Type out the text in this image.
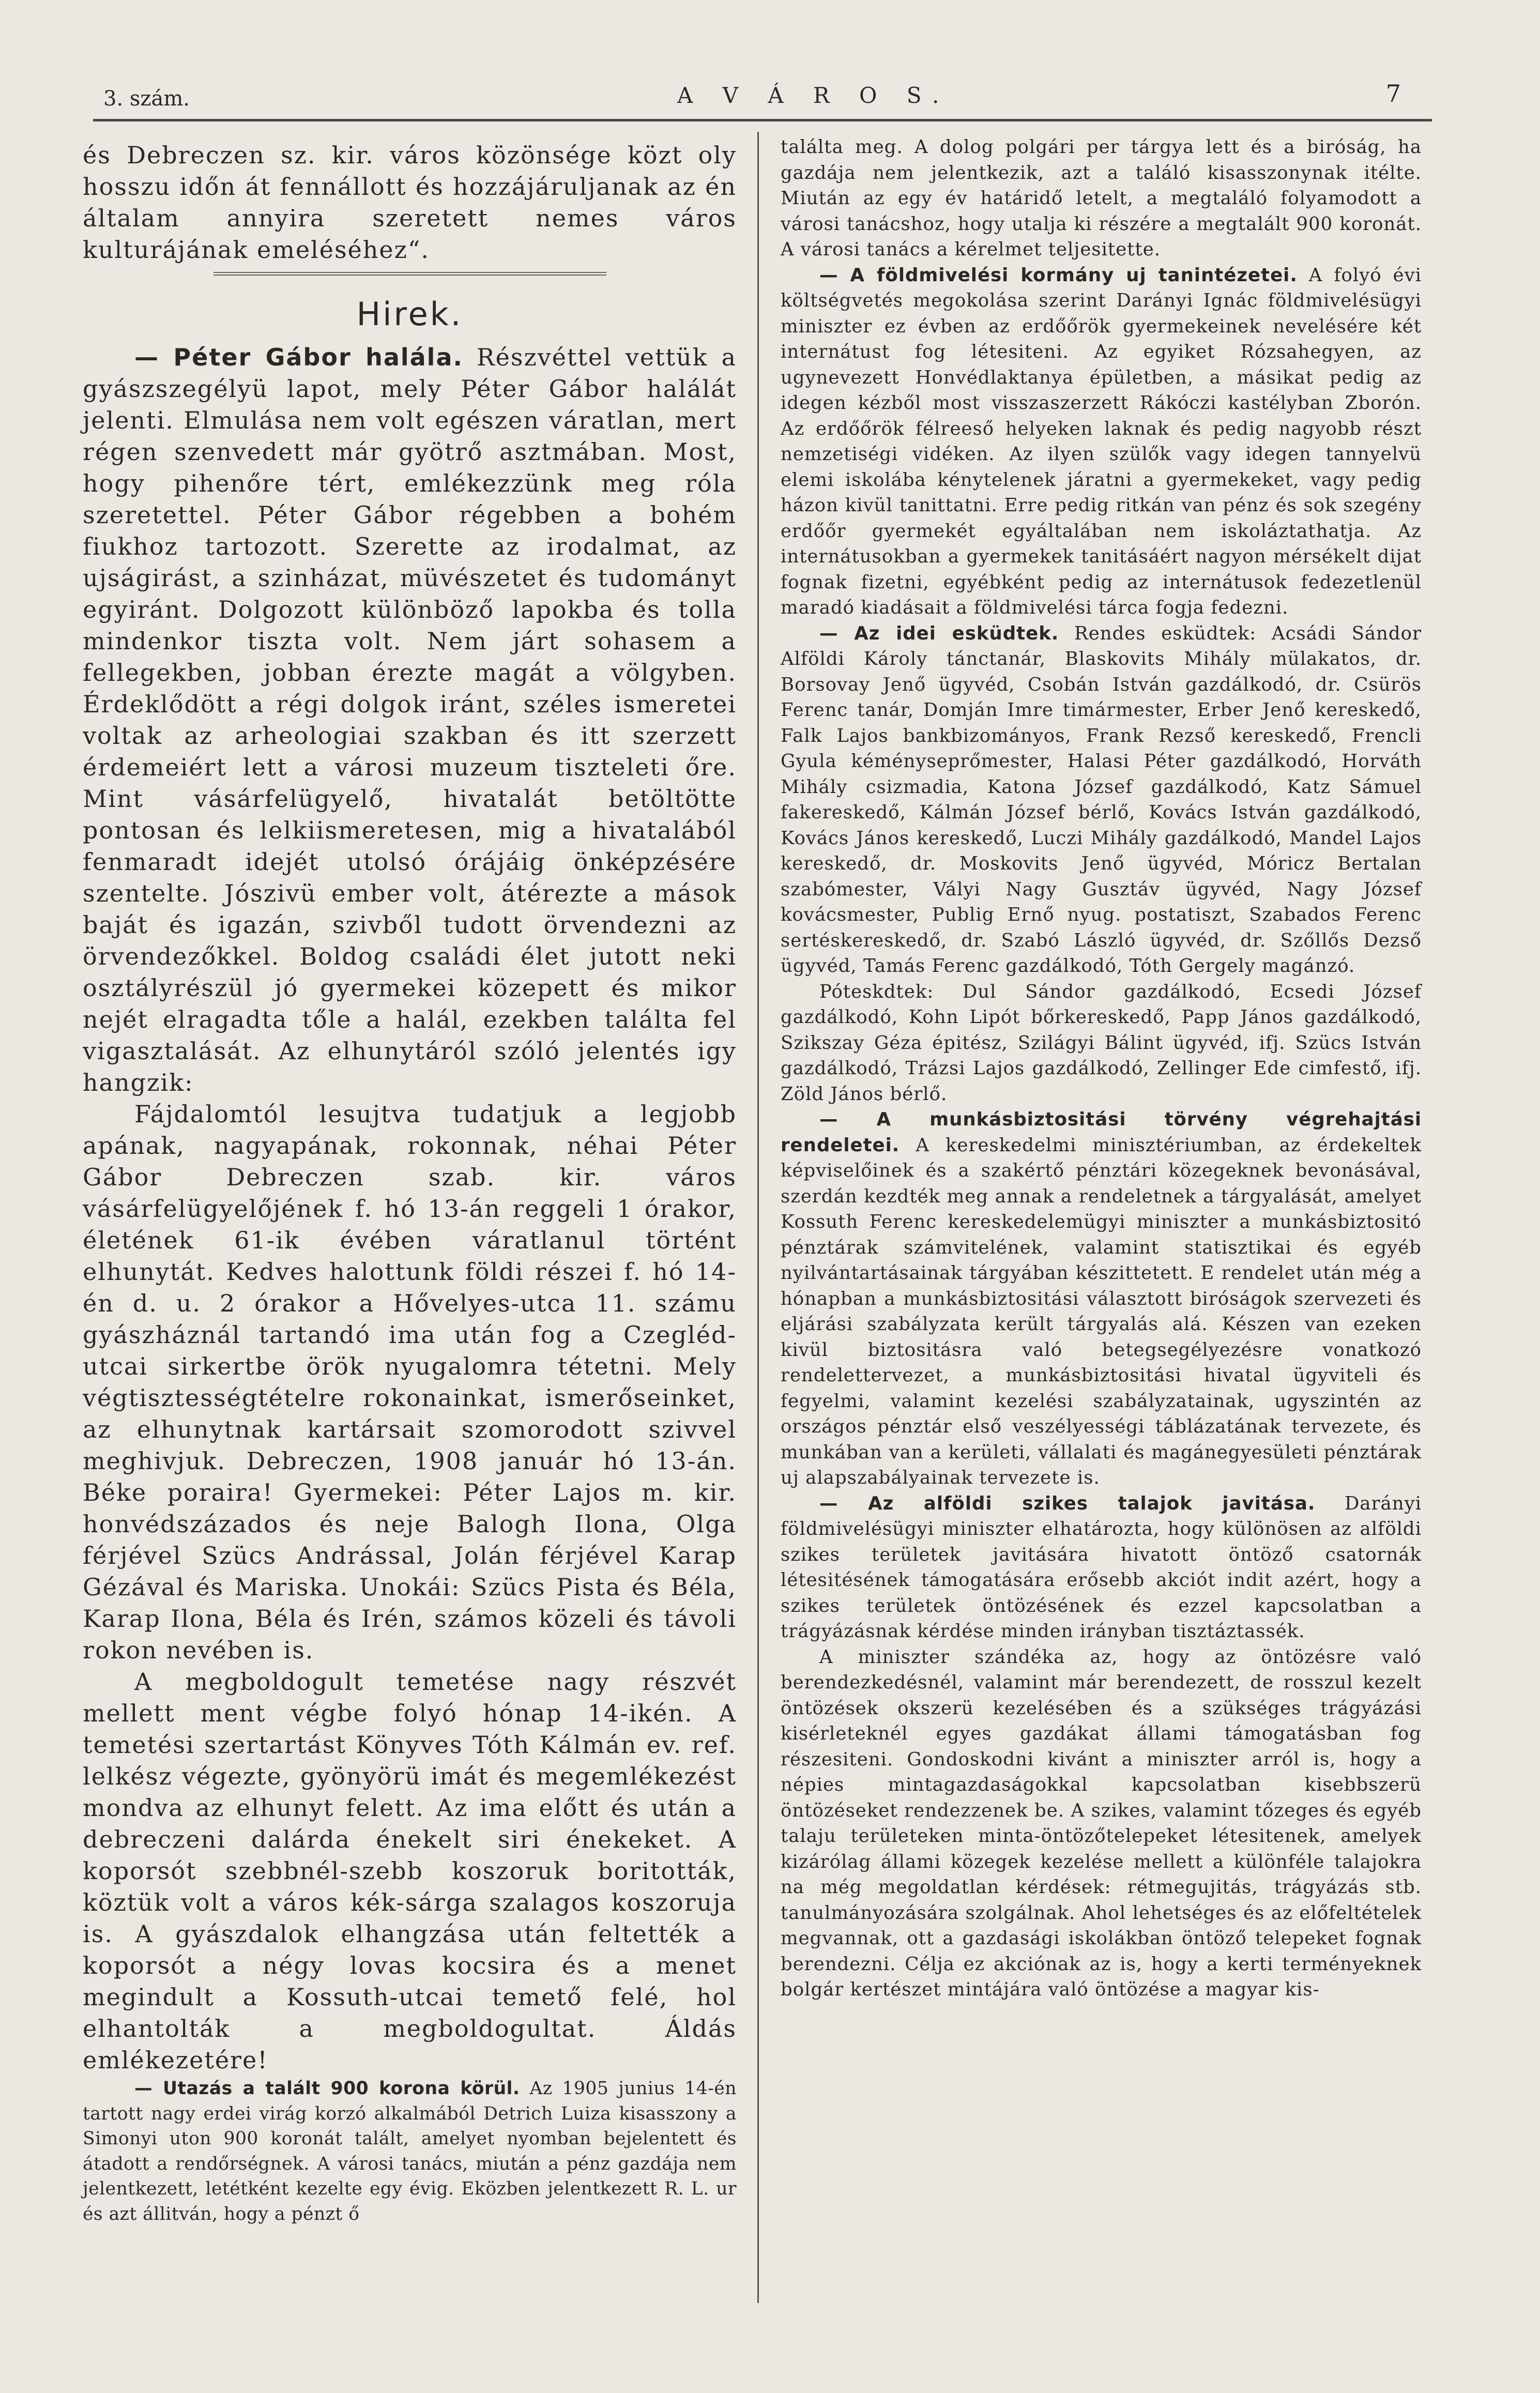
3. szám.	A V Á R O S.	7

és Debreczen sz. kir. város közönsége közt oly hosszu időn át fennállott és hozzájáruljanak az én általam annyira szeretett nemes város kulturájának emeléséhez“.

Hirek.

— Péter Gábor halála. Részvéttel vettük a gyászszegélyü lapot, mely Péter Gábor halálát jelenti. Elmulása nem volt egészen váratlan, mert régen szenvedett már gyötrő asztmában. Most, hogy pihenőre tért, emlékezzünk meg róla szeretettel. Péter Gábor régebben a bohém fiukhoz tartozott. Szerette az irodalmat, az ujságirást, a szinházat, müvészetet és tudományt egyiránt. Dolgozott különböző lapokba és tolla mindenkor tiszta volt. Nem járt sohasem a fellegekben, jobban érezte magát a völgyben. Érdeklődött a régi dolgok iránt, széles ismeretei voltak az arheologiai szakban és itt szerzett érdemeiért lett a városi muzeum tiszteleti őre. Mint vásárfelügyelő, hivatalát betöltötte pontosan és lelkiismeretesen, mig a hivatalából fenmaradt idejét utolsó órájáig önképzésére szentelte. Jószivü ember volt, átérezte a mások baját és igazán, szivből tudott örvendezni az örvendezőkkel. Boldog családi élet jutott neki osztályrészül jó gyermekei közepett és mikor nejét elragadta tőle a halál, ezekben találta fel vigasztalását. Az elhunytáról szóló jelentés igy hangzik:

Fájdalomtól lesujtva tudatjuk a legjobb apának, nagyapának, rokonnak, néhai Péter Gábor Debreczen szab. kir. város vásárfelügyelőjének f. hó 13-án reggeli 1 órakor, életének 61-ik évében váratlanul történt elhunytát. Kedves halottunk földi részei f. hó 14-én d. u. 2 órakor a Hővelyes-utca 11. számu gyászháznál tartandó ima után fog a Czegléd-utcai sirkertbe örök nyugalomra tétetni. Mely végtisztességtételre rokonainkat, ismerőseinket, az elhunytnak kartársait szomorodott szivvel meghivjuk. Debreczen, 1908 január hó 13-án. Béke poraira! Gyermekei: Péter Lajos m. kir. honvédszázados és neje Balogh Ilona, Olga férjével Szücs Andrással, Jolán férjével Karap Gézával és Mariska. Unokái: Szücs Pista és Béla, Karap Ilona, Béla és Irén, számos közeli és távoli rokon nevében is.

A megboldogult temetése nagy részvét mellett ment végbe folyó hónap 14-ikén. A temetési szertartást Könyves Tóth Kálmán ev. ref. lelkész végezte, gyönyörü imát és megemlékezést mondva az elhunyt felett. Az ima előtt és után a debreczeni dalárda énekelt siri énekeket. A koporsót szebbnél-szebb koszoruk boritották, köztük volt a város kék-sárga szalagos koszoruja is. A gyászdalok elhangzása után feltették a koporsót a négy lovas kocsira és a menet megindult a Kossuth-utcai temető felé, hol elhantolták a megboldogultat. Áldás emlékezetére!

— Utazás a talált 900 korona körül. Az 1905 junius 14-én tartott nagy erdei virág korzó alkalmából Detrich Luiza kisasszony a Simonyi uton 900 koronát talált, amelyet nyomban bejelentett és átadott a rendőrségnek. A városi tanács, miután a pénz gazdája nem jelentkezett, letétként kezelte egy évig. Eközben jelentkezett R. L. ur és azt állitván, hogy a pénzt ő

találta meg. A dolog polgári per tárgya lett és a biróság, ha gazdája nem jelentkezik, azt a találó kisasszonynak itélte. Miután az egy év határidő letelt, a megtaláló folyamodott a városi tanácshoz, hogy utalja ki részére a megtalált 900 koronát. A városi tanács a kérelmet teljesitette.

— A földmivelési kormány uj tanintézetei. A folyó évi költségvetés megokolása szerint Darányi Ignác földmivelésügyi miniszter ez évben az erdőőrök gyermekeinek nevelésére két internátust fog létesiteni. Az egyiket Rózsahegyen, az ugynevezett Honvédlaktanya épületben, a másikat pedig az idegen kézből most visszaszerzett Rákóczi kastélyban Zborón. Az erdőőrök félreeső helyeken laknak és pedig nagyobb részt nemzetiségi vidéken. Az ilyen szülők vagy idegen tannyelvü elemi iskolába kénytelenek járatni a gyermekeket, vagy pedig házon kivül tanittatni. Erre pedig ritkán van pénz és sok szegény erdőőr gyermekét egyáltalában nem iskoláztathatja. Az internátusokban a gyermekek tanitásáért nagyon mérsékelt dijat fognak fizetni, egyébként pedig az internátusok fedezetlenül maradó kiadásait a földmivelési tárca fogja fedezni.

— Az idei esküdtek. Rendes esküdtek: Acsádi Sándor Alföldi Károly tánctanár, Blaskovits Mihály mülakatos, dr. Borsovay Jenő ügyvéd, Csobán István gazdálkodó, dr. Csürös Ferenc tanár, Domján Imre timármester, Erber Jenő kereskedő, Falk Lajos bankbizományos, Frank Rezső kereskedő, Frencli Gyula kéményseprőmester, Halasi Péter gazdálkodó, Horváth Mihály csizmadia, Katona József gazdálkodó, Katz Sámuel fakereskedő, Kálmán József bérlő, Kovács István gazdálkodó, Kovács János kereskedő, Luczi Mihály gazdálkodó, Mandel Lajos kereskedő, dr. Moskovits Jenő ügyvéd, Móricz Bertalan szabómester, Vályi Nagy Gusztáv ügyvéd, Nagy József kovácsmester, Publig Ernő nyug. postatiszt, Szabados Ferenc sertéskereskedő, dr. Szabó László ügyvéd, dr. Szőllős Dezső ügyvéd, Tamás Ferenc gazdálkodó, Tóth Gergely magánzó.

Póteskdtek: Dul Sándor gazdálkodó, Ecsedi József gazdálkodó, Kohn Lipót bőrkereskedő, Papp János gazdálkodó, Szikszay Géza épitész, Szilágyi Bálint ügyvéd, ifj. Szücs István gazdálkodó, Trázsi Lajos gazdálkodó, Zellinger Ede cimfestő, ifj. Zöld János bérlő.

— A munkásbiztositási törvény végrehajtási rendeletei. A kereskedelmi minisztériumban, az érdekeltek képviselőinek és a szakértő pénztári közegeknek bevonásával, szerdán kezdték meg annak a rendeletnek a tárgyalását, amelyet Kossuth Ferenc kereskedelemügyi miniszter a munkásbiztositó pénztárak számvitelének, valamint statisztikai és egyéb nyilvántartásainak tárgyában készittetett. E rendelet után még a hónapban a munkásbiztositási választott biróságok szervezeti és eljárási szabályzata került tárgyalás alá. Készen van ezeken kivül biztositásra való betegsegélyezésre vonatkozó rendelettervezet, a munkásbiztositási hivatal ügyviteli és fegyelmi, valamint kezelési szabályzatainak, ugyszintén az országos pénztár első veszélyességi táblázatának tervezete, és munkában van a kerületi, vállalati és magánegyesületi pénztárak uj alapszabályainak tervezete is.

— Az alföldi szikes talajok javitása. Darányi földmivelésügyi miniszter elhatározta, hogy különösen az alföldi szikes területek javitására hivatott öntöző csatornák létesitésének támogatására erősebb akciót indit azért, hogy a szikes területek öntözésének és ezzel kapcsolatban a trágyázásnak kérdése minden irányban tisztáztassék.

A miniszter szándéka az, hogy az öntözésre való berendezkedésnél, valamint már berendezett, de rosszul kezelt öntözések okszerü kezelésében és a szükséges trágyázási kisérleteknél egyes gazdákat állami támogatásban fog részesiteni. Gondoskodni kivánt a miniszter arról is, hogy a népies mintagazdaságokkal kapcsolatban kisebbszerü öntözéseket rendezzenek be. A szikes, valamint tőzeges és egyéb talaju területeken minta-öntözőtelepeket létesitenek, amelyek kizárólag állami közegek kezelése mellett a különféle talajokra na még megoldatlan kérdések: rétmegujitás, trágyázás stb. tanulmányozására szolgálnak. Ahol lehetséges és az előfeltételek megvannak, ott a gazdasági iskolákban öntöző telepeket fognak berendezni. Célja ez akciónak az is, hogy a kerti terményeknek bolgár kertészet mintájára való öntözése a magyar kis-
